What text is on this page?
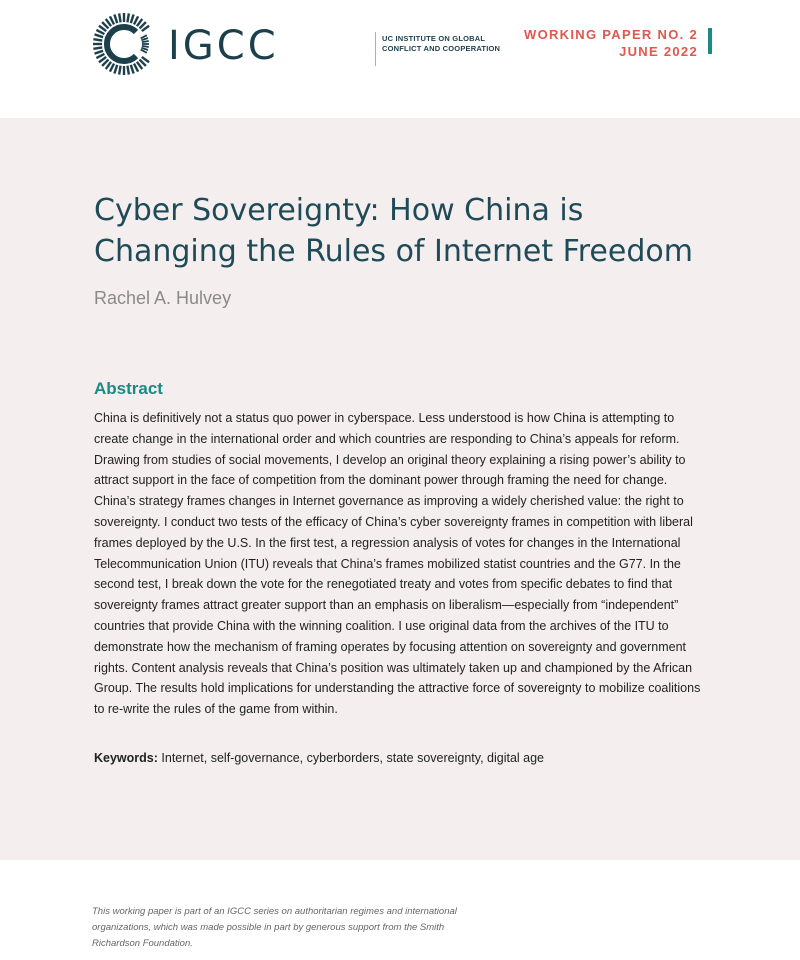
IGCC	UC INSTITUTE ON GLOBAL CONFLICT AND COOPERATION
WORKING PAPER NO. 2
JUNE 2022
Cyber Sovereignty: How China is Changing the Rules of Internet Freedom
Rachel A. Hulvey
Abstract

China is definitively not a status quo power in cyberspace. Less understood is how China is attempting to create change in the international order and which countries are responding to China’s appeals for reform. Drawing from studies of social movements, I develop an original theory explaining a rising power’s ability to attract support in the face of competition from the dominant power through framing the need for change. China’s strategy frames changes in Internet governance as improving a widely cherished value: the right to sovereignty. I conduct two tests of the efficacy of China’s cyber sovereignty frames in competition with liberal frames deployed by the U.S. In the first test, a regression analysis of votes for changes in the International Telecommunication Union (ITU) reveals that China’s frames mobilized statist countries and the G77. In the second test, I break down the vote for the renegotiated treaty and votes from specific debates to find that sovereignty frames attract greater support than an emphasis on liberalism—especially from “independent” countries that provide China with the winning coalition. I use original data from the archives of the ITU to demonstrate how the mechanism of framing operates by focusing attention on sovereignty and government rights. Content analysis reveals that China’s position was ultimately taken up and championed by the African Group. The results hold implications for understanding the attractive force of sovereignty to mobilize coalitions to re-write the rules of the game from within.

Keywords: Internet, self-governance, cyberborders, state sovereignty, digital age
This working paper is part of an IGCC series on authoritarian regimes and international organizations, which was made possible in part by generous support from the Smith Richardson Foundation.
